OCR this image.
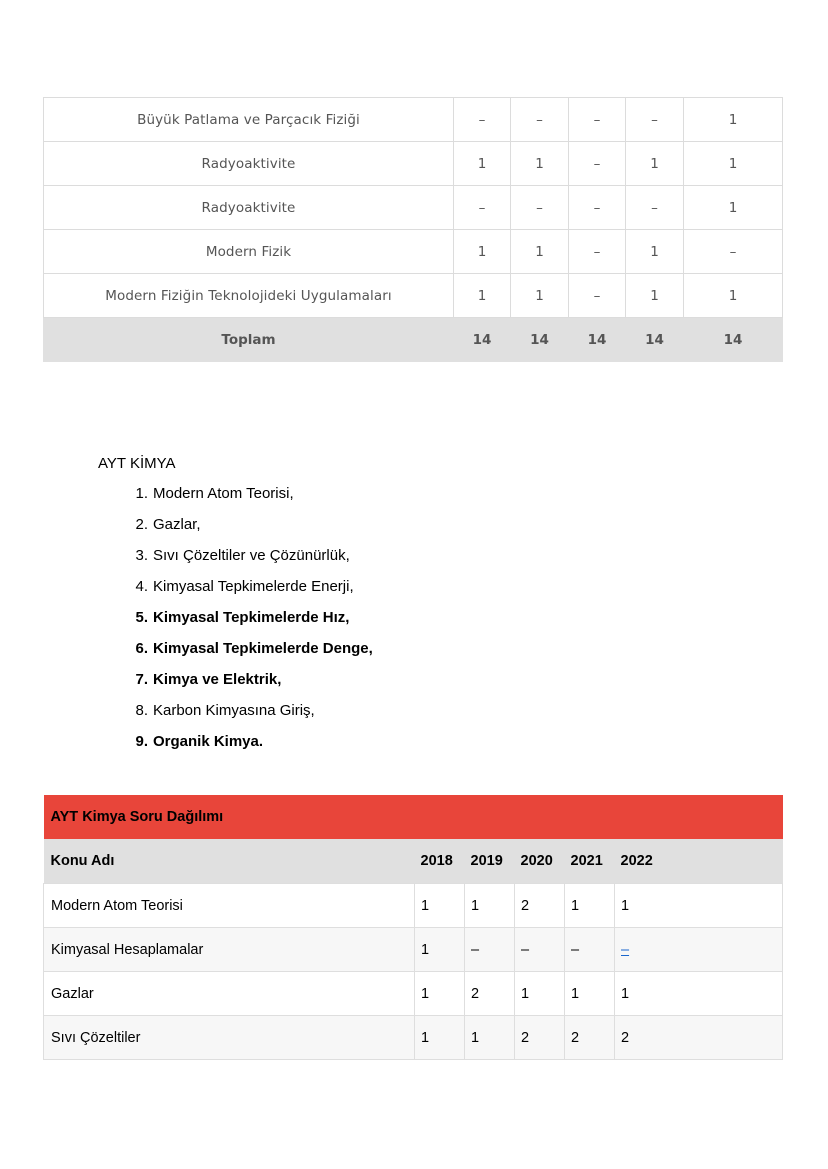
Büyük Patlama ve Parçacık Fiziği	–	–	–	–	1
Radyoaktivite	1	1	–	1	1
Radyoaktivite	–	–	–	–	1
Modern Fizik	1	1	–	1	–
Modern Fiziğin Teknolojideki Uygulamaları	1	1	–	1	1
Toplam	14	14	14	14	14
AYT KİMYA
1. Modern Atom Teorisi,
2. Gazlar,
3. Sıvı Çözeltiler ve Çözünürlük,
4. Kimyasal Tepkimelerde Enerji,
5. Kimyasal Tepkimelerde Hız,
6. Kimyasal Tepkimelerde Denge,
7. Kimya ve Elektrik,
8. Karbon Kimyasına Giriş,
9. Organik Kimya.
AYT Kimya Soru Dağılımı					
Konu Adı	2018	2019	2020	2021	2022
Modern Atom Teorisi	1	1	2	1	1
Kimyasal Hesaplamalar	1	–	–	–	–
Gazlar	1	2	1	1	1
Sıvı Çözeltiler	1	1	2	2	2
